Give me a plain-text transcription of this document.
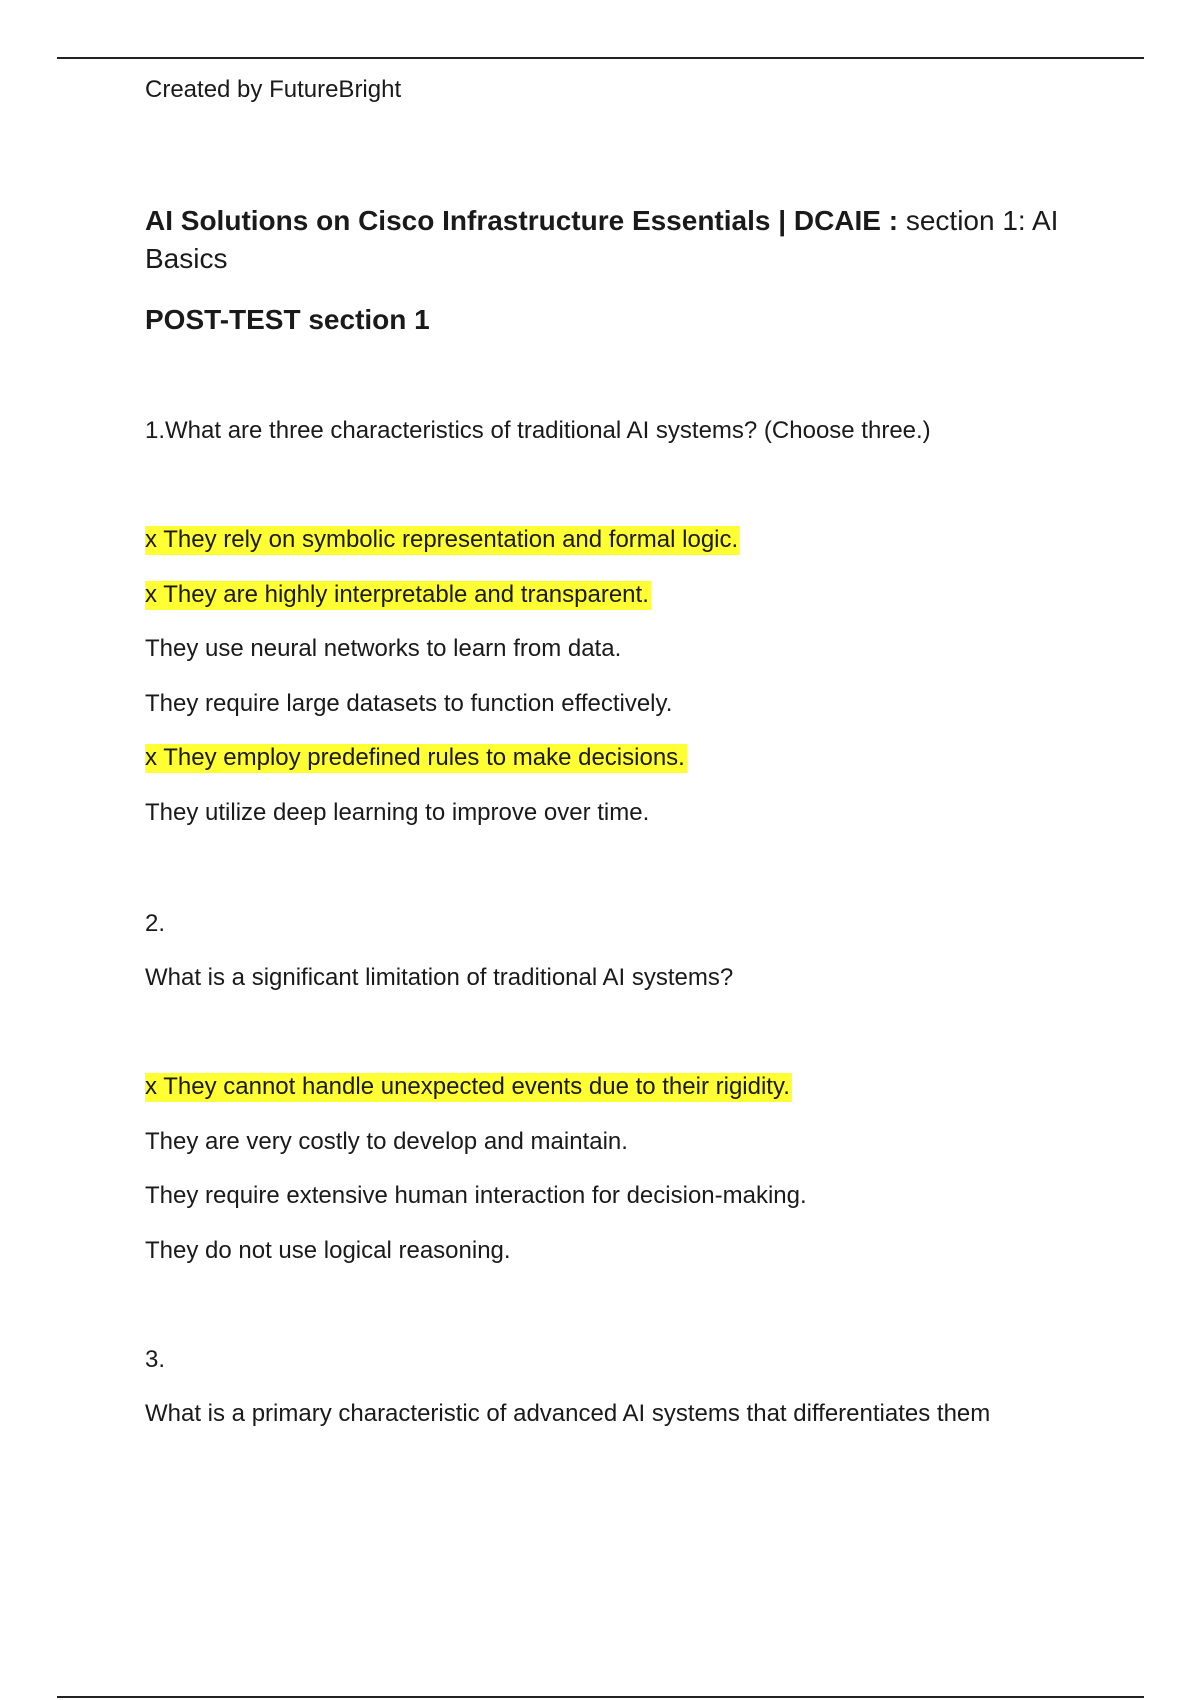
Created by FutureBright
AI Solutions on Cisco Infrastructure Essentials | DCAIE : section 1: AI Basics
POST-TEST section 1
1.What are three characteristics of traditional AI systems? (Choose three.)
x They rely on symbolic representation and formal logic.
x They are highly interpretable and transparent.
They use neural networks to learn from data.
They require large datasets to function effectively.
x They employ predefined rules to make decisions.
They utilize deep learning to improve over time.
2.
What is a significant limitation of traditional AI systems?
x They cannot handle unexpected events due to their rigidity.
They are very costly to develop and maintain.
They require extensive human interaction for decision-making.
They do not use logical reasoning.
3.
What is a primary characteristic of advanced AI systems that differentiates them
